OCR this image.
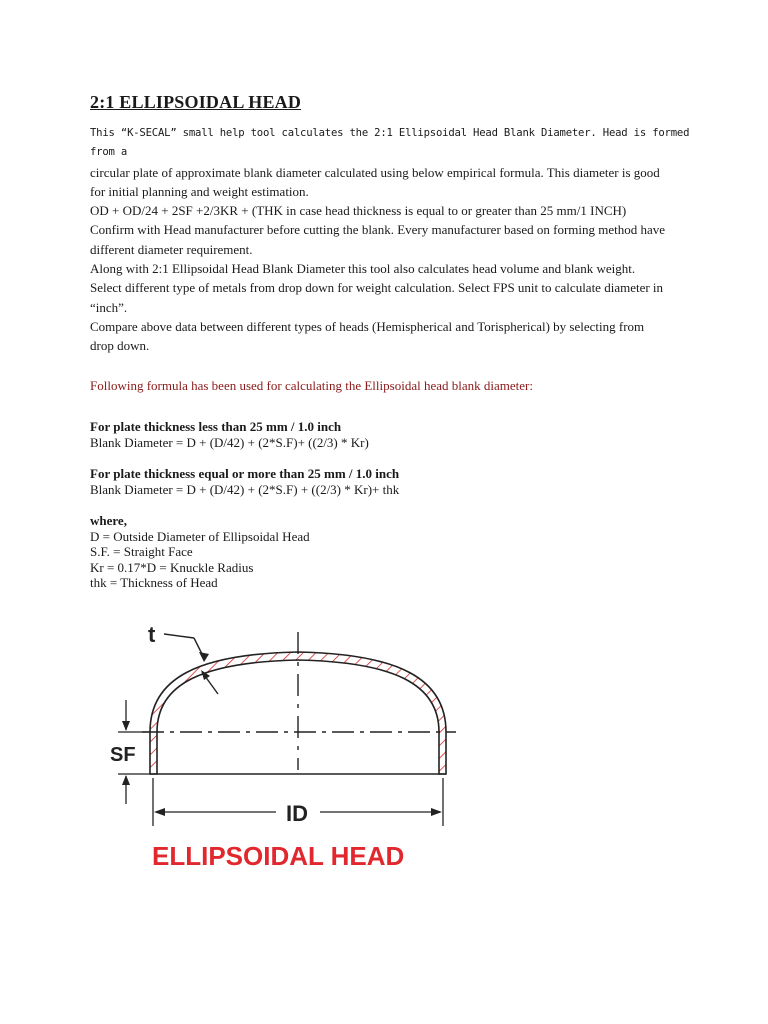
2:1 ELLIPSOIDAL HEAD

This “K-SECAL” small help tool calculates the 2:1 Ellipsoidal Head Blank Diameter. Head is formed from a

circular plate of approximate blank diameter calculated using below empirical formula. This diameter is good

for initial planning and weight estimation.

OD + OD/24 + 2SF +2/3KR + (THK in case head thickness is equal to or greater than 25 mm/1 INCH)

Confirm with Head manufacturer before cutting the blank. Every manufacturer based on forming method have

different diameter requirement.

Along with 2:1 Ellipsoidal Head Blank Diameter this tool also calculates head volume and blank weight.

Select different type of metals from drop down for weight calculation. Select FPS unit to calculate diameter in

“inch”.

Compare above data between different types of heads (Hemispherical and Torispherical) by selecting from

drop down.

Following formula has been used for calculating the Ellipsoidal head blank diameter:

For plate thickness less than 25 mm / 1.0 inch

Blank Diameter = D + (D/42) + (2*S.F)+ ((2/3) * Kr)

For plate thickness equal or more than 25 mm / 1.0 inch

Blank Diameter = D + (D/42) + (2*S.F) + ((2/3) * Kr)+ thk

where,

D = Outside Diameter of Ellipsoidal Head

S.F. = Straight Face

Kr = 0.17*D = Knuckle Radius

thk = Thickness of Head

t
SF
ID
ELLIPSOIDAL HEAD
